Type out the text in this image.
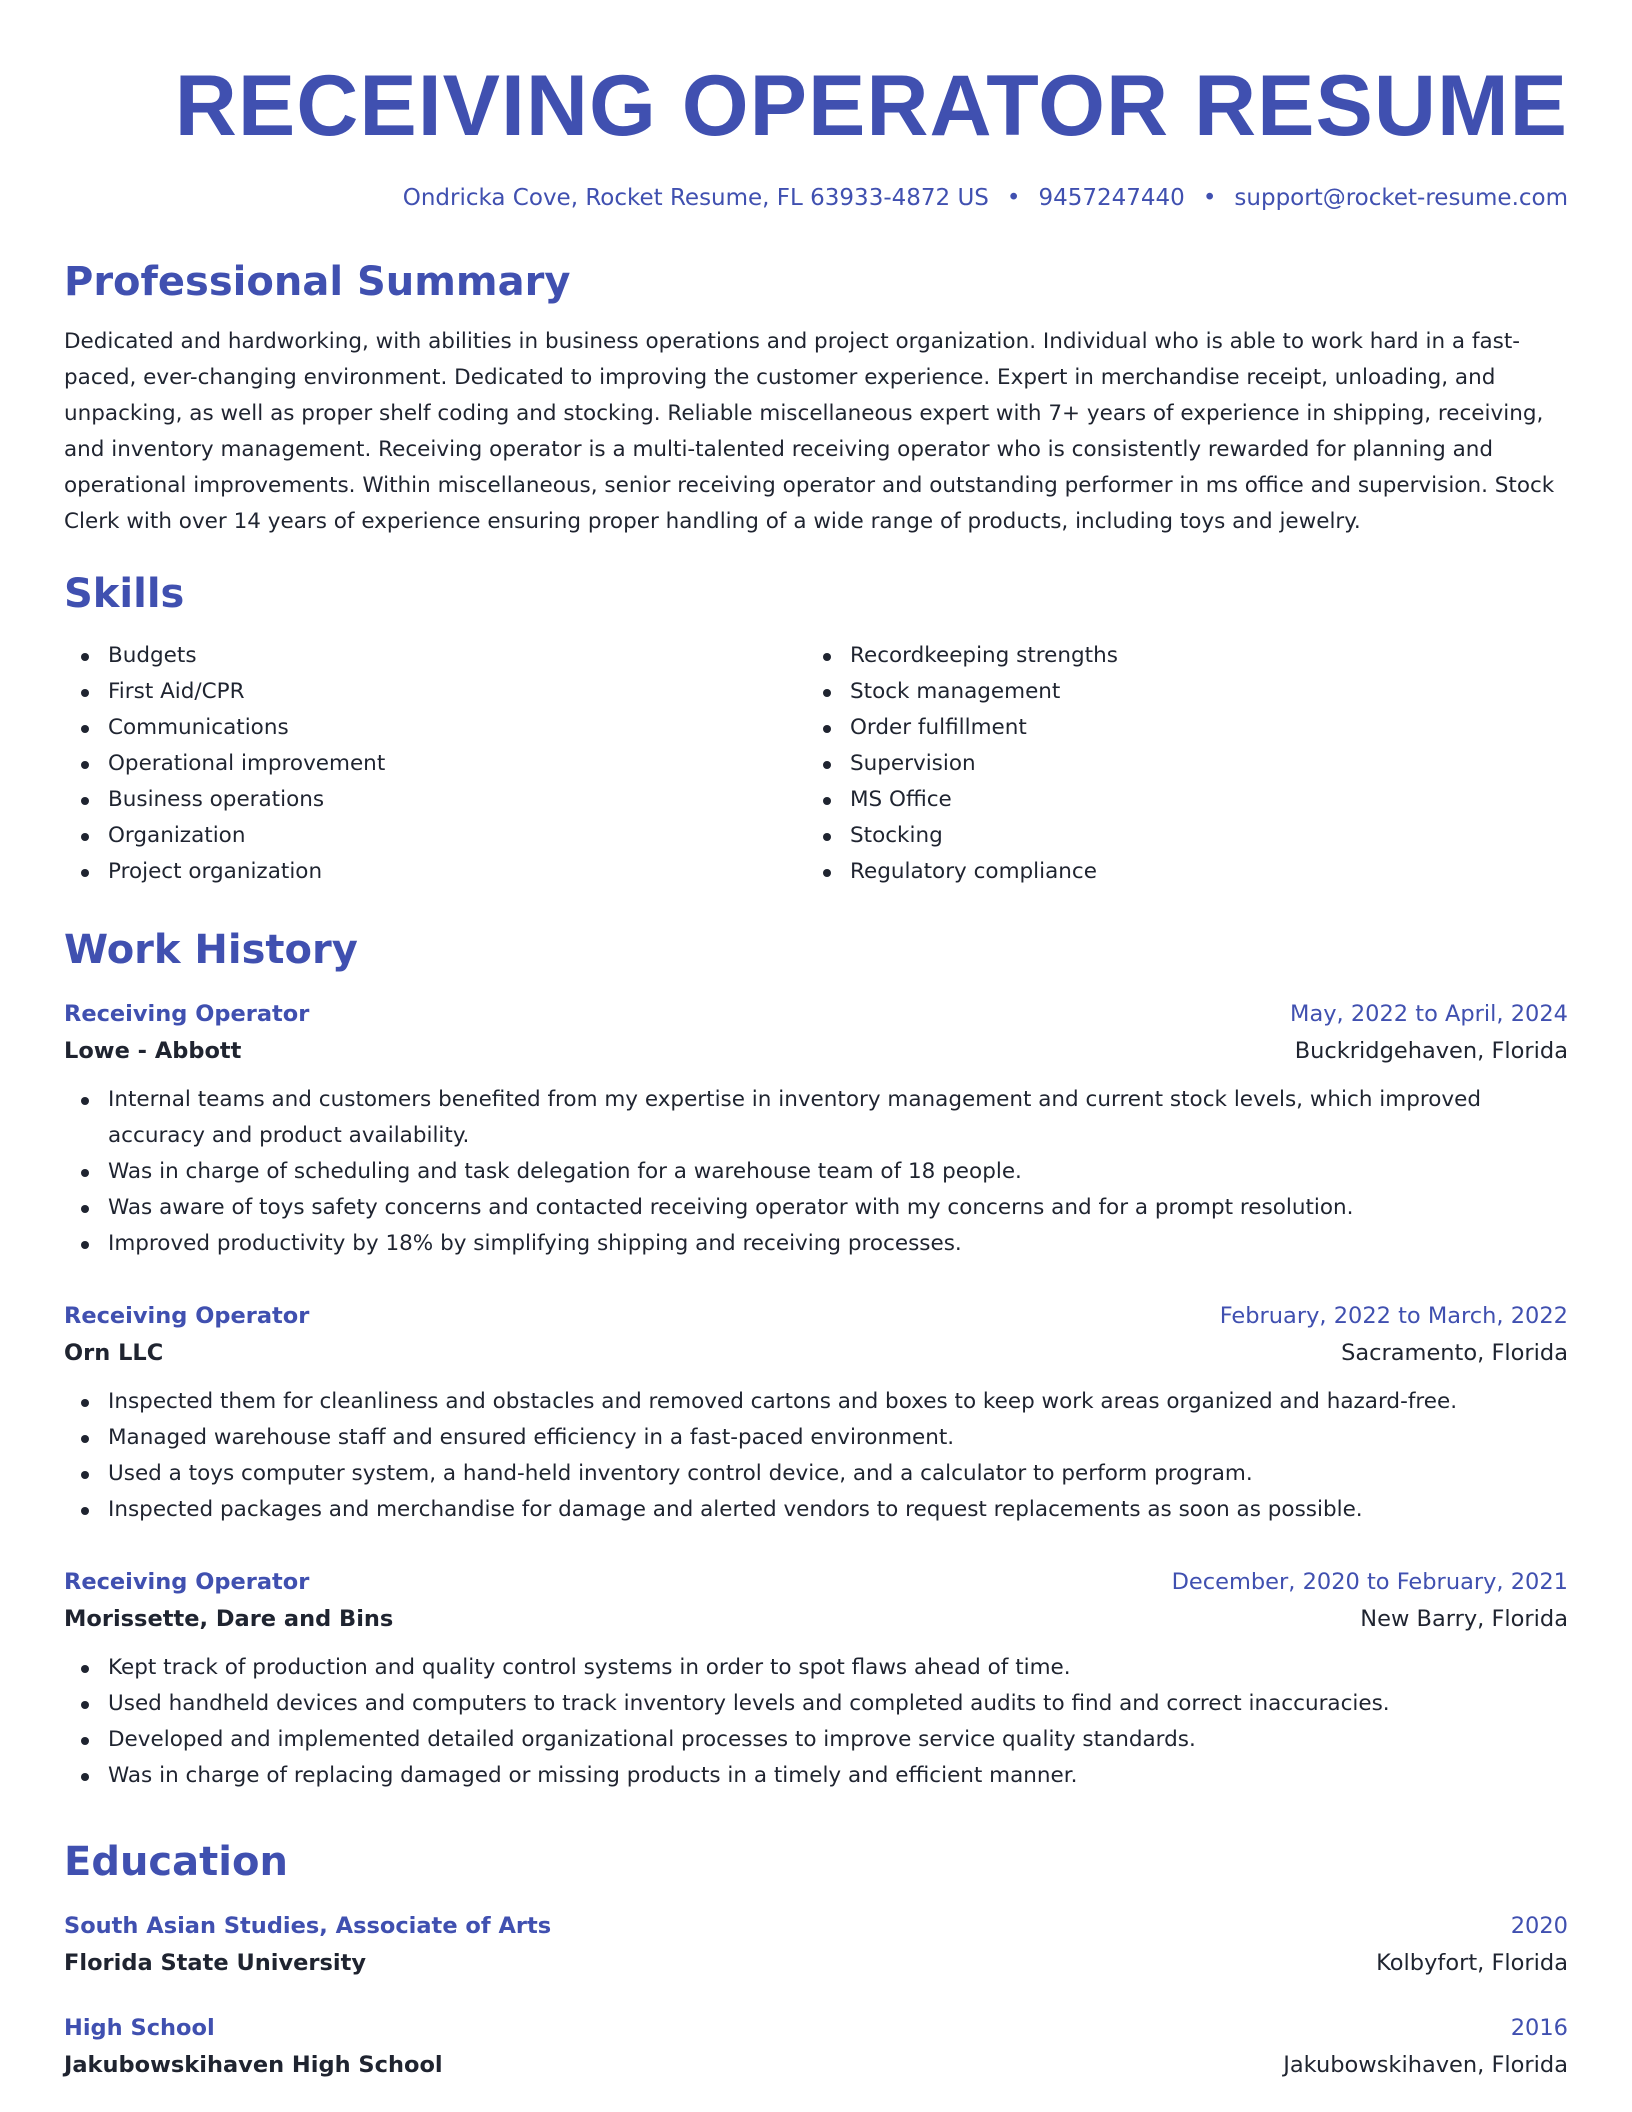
RECEIVING OPERATOR RESUME
Ondricka Cove, Rocket Resume, FL 63933-4872 US • 9457247440 • support@rocket-resume.com
Professional Summary

Dedicated and hardworking, with abilities in business operations and project organization. Individual who is able to work hard in a fast-paced, ever-changing environment. Dedicated to improving the customer experience. Expert in merchandise receipt, unloading, and unpacking, as well as proper shelf coding and stocking. Reliable miscellaneous expert with 7+ years of experience in shipping, receiving, and inventory management. Receiving operator is a multi-talented receiving operator who is consistently rewarded for planning and operational improvements. Within miscellaneous, senior receiving operator and outstanding performer in ms office and supervision. Stock Clerk with over 14 years of experience ensuring proper handling of a wide range of products, including toys and jewelry.

Skills
Budgets
First Aid/CPR
Communications
Operational improvement
Business operations
Organization
Project organization
Recordkeeping strengths
Stock management
Order fulfillment
Supervision
MS Office
Stocking
Regulatory compliance
Work History
Receiving Operator	May, 2022 to April, 2024
Lowe - Abbott	Buckridgehaven, Florida
Internal teams and customers benefited from my expertise in inventory management and current stock levels, which improved accuracy and product availability.
Was in charge of scheduling and task delegation for a warehouse team of 18 people.
Was aware of toys safety concerns and contacted receiving operator with my concerns and for a prompt resolution.
Improved productivity by 18% by simplifying shipping and receiving processes.
Receiving Operator	February, 2022 to March, 2022
Orn LLC	Sacramento, Florida
Inspected them for cleanliness and obstacles and removed cartons and boxes to keep work areas organized and hazard-free.
Managed warehouse staff and ensured efficiency in a fast-paced environment.
Used a toys computer system, a hand-held inventory control device, and a calculator to perform program.
Inspected packages and merchandise for damage and alerted vendors to request replacements as soon as possible.
Receiving Operator	December, 2020 to February, 2021
Morissette, Dare and Bins	New Barry, Florida
Kept track of production and quality control systems in order to spot flaws ahead of time.
Used handheld devices and computers to track inventory levels and completed audits to find and correct inaccuracies.
Developed and implemented detailed organizational processes to improve service quality standards.
Was in charge of replacing damaged or missing products in a timely and efficient manner.
Education
South Asian Studies, Associate of Arts	2020
Florida State University	Kolbyfort, Florida
High School	2016
Jakubowskihaven High School	Jakubowskihaven, Florida
